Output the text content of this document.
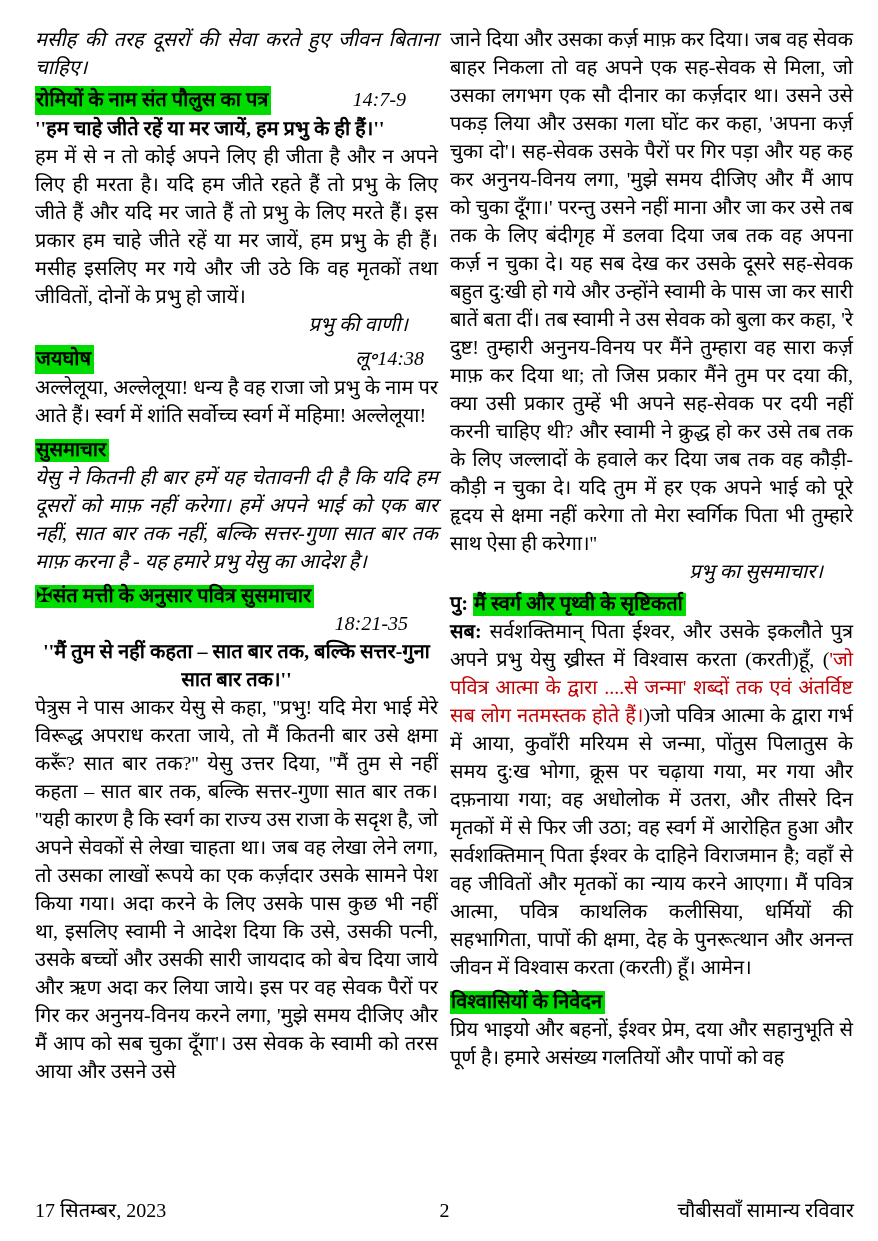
मसीह की तरह दूसरों की सेवा करते हुए जीवन बिताना चाहिए।

रोमियों के नाम संत पौलुस का पत्र	14:7-9

''हम चाहे जीते रहें या मर जायें, हम प्रभु के ही हैं।''

हम में से न तो कोई अपने लिए ही जीता है और न अपने लिए ही मरता है। यदि हम जीते रहते हैं तो प्रभु के लिए जीते हैं और यदि मर जाते हैं तो प्रभु के लिए मरते हैं। इस प्रकार हम चाहे जीते रहें या मर जायें, हम प्रभु के ही हैं। मसीह इसलिए मर गये और जी उठे कि वह मृतकों तथा जीवितों, दोनों के प्रभु हो जायें।

प्रभु की वाणी।

जयघोष	लू॰14:38

अल्लेलूया, अल्लेलूया! धन्य है वह राजा जो प्रभु के नाम पर आते हैं। स्वर्ग में शांति सर्वोच्च स्वर्ग में महिमा! अल्लेलूया!

सुसमाचार

येसु ने कितनी ही बार हमें यह चेतावनी दी है कि यदि हम दूसरों को माफ़ नहीं करेगा। हमें अपने भाई को एक बार नहीं, सात बार तक नहीं, बल्कि सत्तर-गुणा सात बार तक माफ़ करना है - यह हमारे प्रभु येसु का आदेश है।

✠संत मत्ती के अनुसार पवित्र सुसमाचार

18:21-35

''मैं तुम से नहीं कहता – सात बार तक, बल्कि सत्तर-गुना सात बार तक।''

पेत्रुस ने पास आकर येसु से कहा, ''प्रभु! यदि मेरा भाई मेरे विरूद्ध अपराध करता जाये, तो मैं कितनी बार उसे क्षमा करूँ? सात बार तक?'' येसु उत्तर दिया, ''मैं तुम से नहीं कहता – सात बार तक, बल्कि सत्तर-गुणा सात बार तक। ''यही कारण है कि स्वर्ग का राज्य उस राजा के सदृश है, जो अपने सेवकों से लेखा चाहता था। जब वह लेखा लेने लगा, तो उसका लाखों रूपये का एक कर्ज़दार उसके सामने पेश किया गया। अदा करने के लिए उसके पास कुछ भी नहीं था, इसलिए स्वामी ने आदेश दिया कि उसे, उसकी पत्नी, उसके बच्चों और उसकी सारी जायदाद को बेच दिया जाये और ऋण अदा कर लिया जाये। इस पर वह सेवक पैरों पर गिर कर अनुनय-विनय करने लगा, 'मुझे समय दीजिए और मैं आप को सब चुका दूँगा'। उस सेवक के स्वामी को तरस आया और उसने उसे

जाने दिया और उसका कर्ज़ माफ़ कर दिया। जब वह सेवक बाहर निकला तो वह अपने एक सह-सेवक से मिला, जो उसका लगभग एक सौ दीनार का कर्ज़दार था। उसने उसे पकड़ लिया और उसका गला घोंट कर कहा, 'अपना कर्ज़ चुका दो'। सह-सेवक उसके पैरों पर गिर पड़ा और यह कह कर अनुनय-विनय लगा, 'मुझे समय दीजिए और मैं आप को चुका दूँगा।' परन्तु उसने नहीं माना और जा कर उसे तब तक के लिए बंदीगृह में डलवा दिया जब तक वह अपना कर्ज़ न चुका दे। यह सब देख कर उसके दूसरे सह-सेवक बहुत दु:खी हो गये और उन्होंने स्वामी के पास जा कर सारी बातें बता दीं। तब स्वामी ने उस सेवक को बुला कर कहा, 'रे दुष्ट! तुम्हारी अनुनय-विनय पर मैंने तुम्हारा वह सारा कर्ज़ माफ़ कर दिया था; तो जिस प्रकार मैंने तुम पर दया की, क्या उसी प्रकार तुम्हें भी अपने सह-सेवक पर दयी नहीं करनी चाहिए थी? और स्वामी ने क्रुद्ध हो कर उसे तब तक के लिए जल्लादों के हवाले कर दिया जब तक वह कौड़ी-कौड़ी न चुका दे। यदि तुम में हर एक अपने भाई को पूरे हृदय से क्षमा नहीं करेगा तो मेरा स्वर्गिक पिता भी तुम्हारे साथ ऐसा ही करेगा।''

प्रभु का सुसमाचार।

पु: मैं स्वर्ग और पृथ्वी के सृष्टिकर्ता

सब: सर्वशक्तिमान् पिता ईश्वर, और उसके इकलौते पुत्र अपने प्रभु येसु ख्रीस्त में विश्वास करता (करती)हूँ, ('जो पवित्र आत्मा के द्वारा ....से जन्मा' शब्दों तक एवं अंतर्विष्ट सब लोग नतमस्तक होते हैं।)जो पवित्र आत्मा के द्वारा गर्भ में आया, कुवाँरी मरियम से जन्मा, पोंतुस पिलातुस के समय दु:ख भोगा, क्रूस पर चढ़ाया गया, मर गया और दफ़नाया गया; वह अधोलोक में उतरा, और तीसरे दिन मृतकों में से फिर जी उठा; वह स्वर्ग में आरोहित हुआ और सर्वशक्तिमान् पिता ईश्वर के दाहिने विराजमान है; वहाँ से वह जीवितों और मृतकों का न्याय करने आएगा। मैं पवित्र आत्मा, पवित्र काथलिक कलीसिया, धर्मियों की सहभागिता, पापों की क्षमा, देह के पुनरूत्थान और अनन्त जीवन में विश्वास करता (करती) हूँ। आमेन।

विश्वासियों के निवेदन

प्रिय भाइयो और बहनों, ईश्वर प्रेम, दया और सहानुभूति से पूर्ण है। हमारे असंख्य गलतियों और पापों को वह

17 सितम्बर, 2023	2	चौबीसवाँ सामान्य रविवार
